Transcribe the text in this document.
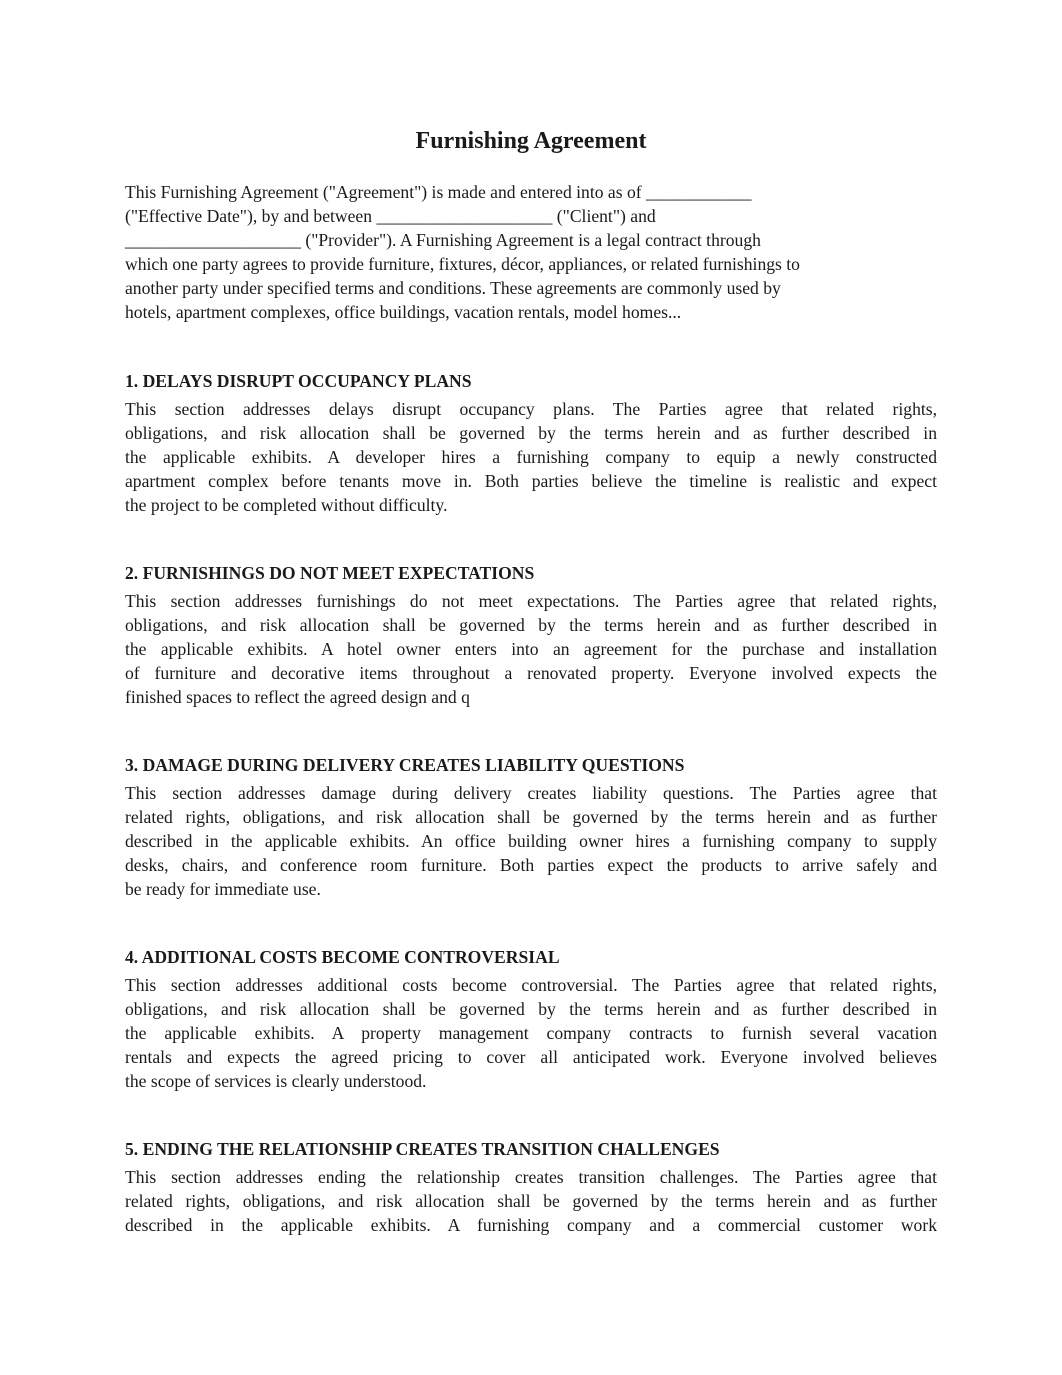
Furnishing Agreement
This Furnishing Agreement ("Agreement") is made and entered into as of ____________
("Effective Date"), by and between ____________________ ("Client") and
____________________ ("Provider"). A Furnishing Agreement is a legal contract through
which one party agrees to provide furniture, fixtures, décor, appliances, or related furnishings to
another party under specified terms and conditions. These agreements are commonly used by
hotels, apartment complexes, office buildings, vacation rentals, model homes...
1. DELAYS DISRUPT OCCUPANCY PLANS
This section addresses delays disrupt occupancy plans. The Parties agree that related rights,
obligations, and risk allocation shall be governed by the terms herein and as further described in
the applicable exhibits. A developer hires a furnishing company to equip a newly constructed
apartment complex before tenants move in. Both parties believe the timeline is realistic and expect
the project to be completed without difficulty.
2. FURNISHINGS DO NOT MEET EXPECTATIONS
This section addresses furnishings do not meet expectations. The Parties agree that related rights,
obligations, and risk allocation shall be governed by the terms herein and as further described in
the applicable exhibits. A hotel owner enters into an agreement for the purchase and installation
of furniture and decorative items throughout a renovated property. Everyone involved expects the
finished spaces to reflect the agreed design and q
3. DAMAGE DURING DELIVERY CREATES LIABILITY QUESTIONS
This section addresses damage during delivery creates liability questions. The Parties agree that
related rights, obligations, and risk allocation shall be governed by the terms herein and as further
described in the applicable exhibits. An office building owner hires a furnishing company to supply
desks, chairs, and conference room furniture. Both parties expect the products to arrive safely and
be ready for immediate use.
4. ADDITIONAL COSTS BECOME CONTROVERSIAL
This section addresses additional costs become controversial. The Parties agree that related rights,
obligations, and risk allocation shall be governed by the terms herein and as further described in
the applicable exhibits. A property management company contracts to furnish several vacation
rentals and expects the agreed pricing to cover all anticipated work. Everyone involved believes
the scope of services is clearly understood.
5. ENDING THE RELATIONSHIP CREATES TRANSITION CHALLENGES
This section addresses ending the relationship creates transition challenges. The Parties agree that
related rights, obligations, and risk allocation shall be governed by the terms herein and as further
described in the applicable exhibits. A furnishing company and a commercial customer work
